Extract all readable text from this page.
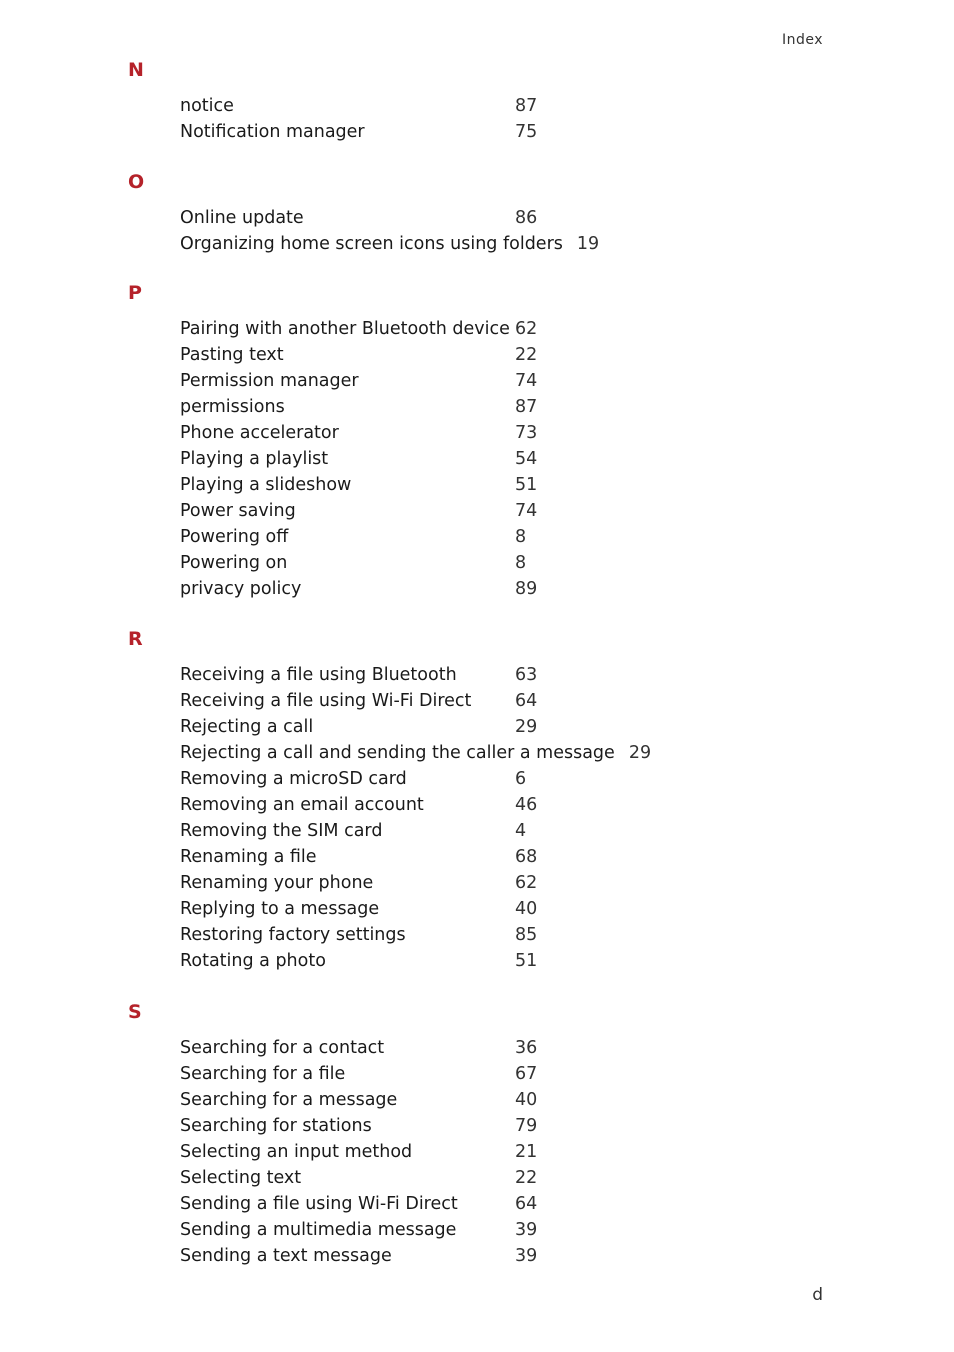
Index
N
notice	87
Notification manager	75
O
Online update	86
Organizing home screen icons using folders 19
P
Pairing with another Bluetooth device 62
Pasting text	22
Permission manager	74
permissions	87
Phone accelerator	73
Playing a playlist	54
Playing a slideshow	51
Power saving	74
Powering off	8
Powering on	8
privacy policy	89
R
Receiving a file using Bluetooth	63
Receiving a file using Wi-Fi Direct 64
Rejecting a call	29
Rejecting a call and sending the caller a message 29
Removing a microSD card	6
Removing an email account	46
Removing the SIM card	4
Renaming a file	68
Renaming your phone	62
Replying to a message	40
Restoring factory settings	85
Rotating a photo	51
S
Searching for a contact	36
Searching for a file	67
Searching for a message	40
Searching for stations	79
Selecting an input method	21
Selecting text	22
Sending a file using Wi-Fi Direct	64
Sending a multimedia message	39
Sending a text message	39
d
